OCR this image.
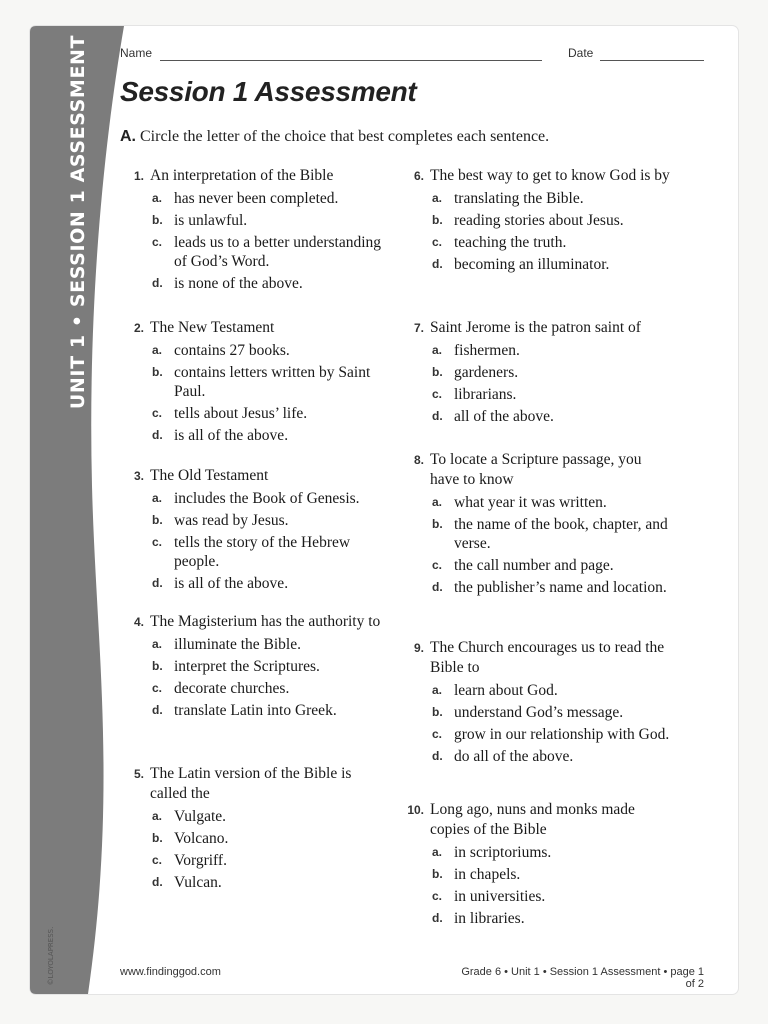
UNIT 1 • SESSION 1 ASSESSMENT
©LOYOLAPRESS.
Name	Date
Session 1 Assessment
A. Circle the letter of the choice that best completes each sentence.
1. An interpretation of the Bible
a. has never been completed.
b. is unlawful.
c. leads us to a better understanding of God’s Word.
d. is none of the above.
2. The New Testament
a. contains 27 books.
b. contains letters written by Saint Paul.
c. tells about Jesus’ life.
d. is all of the above.
3. The Old Testament
a. includes the Book of Genesis.
b. was read by Jesus.
c. tells the story of the Hebrew people.
d. is all of the above.
4. The Magisterium has the authority to
a. illuminate the Bible.
b. interpret the Scriptures.
c. decorate churches.
d. translate Latin into Greek.
5. The Latin version of the Bible is called the
a. Vulgate.
b. Volcano.
c. Vorgriff.
d. Vulcan.
6. The best way to get to know God is by
a. translating the Bible.
b. reading stories about Jesus.
c. teaching the truth.
d. becoming an illuminator.
7. Saint Jerome is the patron saint of
a. fishermen.
b. gardeners.
c. librarians.
d. all of the above.
8. To locate a Scripture passage, you have to know
a. what year it was written.
b. the name of the book, chapter, and verse.
c. the call number and page.
d. the publisher’s name and location.
9. The Church encourages us to read the Bible to
a. learn about God.
b. understand God’s message.
c. grow in our relationship with God.
d. do all of the above.
10. Long ago, nuns and monks made copies of the Bible
a. in scriptoriums.
b. in chapels.
c. in universities.
d. in libraries.
www.findinggod.com	Grade 6 • Unit 1 • Session 1 Assessment • page 1 of 2
